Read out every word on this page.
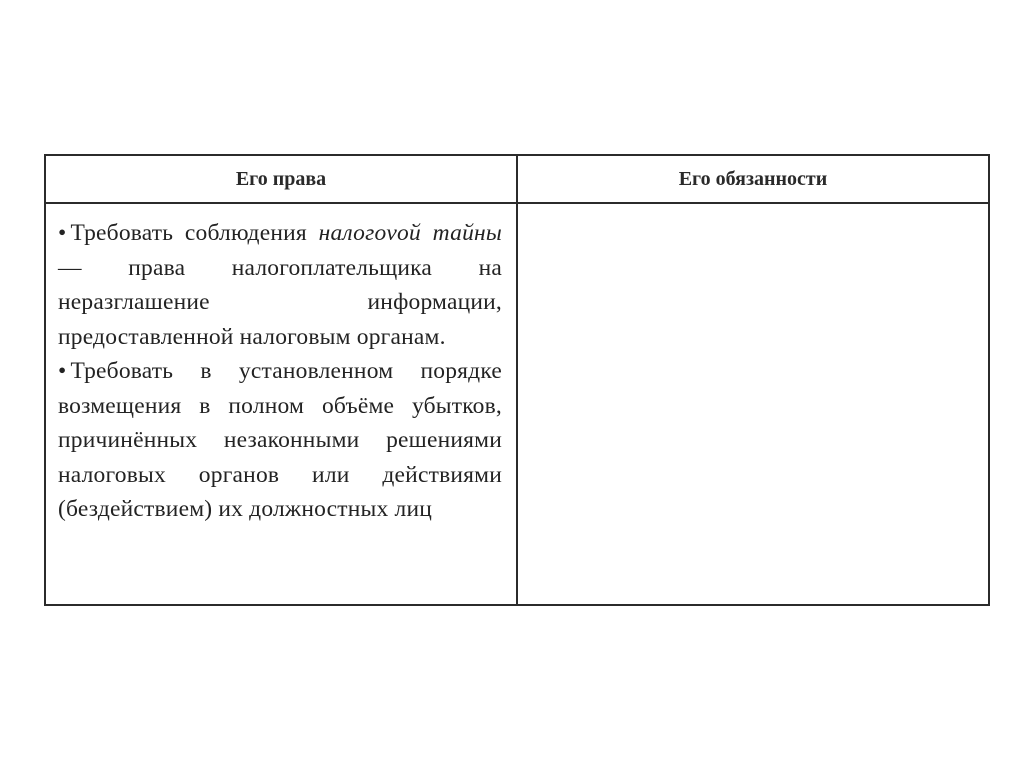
Его права	Его обязанности

• Требовать соблюдения налогоvой тайны — права налогоплательщика на неразглашение информации, предоставленной налоговым органам.

• Требовать в установленном порядке возмещения в полном объёме убытков, причинённых незаконными решениями налоговых органов или действиями (бездействием) их должностных лиц
